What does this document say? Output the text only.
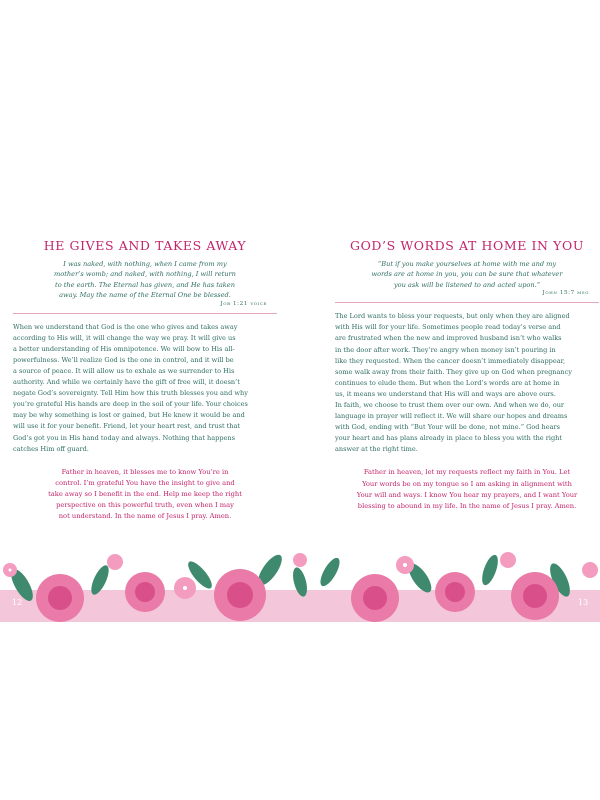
HE GIVES AND TAKES AWAY
I was naked, with nothing, when I came from my
mother’s womb; and naked, with nothing, I will return
to the earth. The Eternal has given, and He has taken
away. May the name of the Eternal One be blessed.
Job 1:21 voice
When we understand that God is the one who gives and takes away
according to His will, it will change the way we pray. It will give us
a better understanding of His omnipotence. We will bow to His all-
powerfulness. We’ll realize God is the one in control, and it will be
a source of peace. It will allow us to exhale as we surrender to His
authority. And while we certainly have the gift of free will, it doesn’t
negate God’s sovereignty. Tell Him how this truth blesses you and why
you’re grateful His hands are deep in the soil of your life. Your choices
may be why something is lost or gained, but He knew it would be and
will use it for your benefit. Friend, let your heart rest, and trust that
God’s got you in His hand today and always. Nothing that happens
catches Him off guard.
Father in heaven, it blesses me to know You’re in
control. I’m grateful You have the insight to give and
take away so I benefit in the end. Help me keep the right
perspective on this powerful truth, even when I may
not understand. In the name of Jesus I pray. Amen.
GOD’S WORDS AT HOME IN YOU
“But if you make yourselves at home with me and my
words are at home in you, you can be sure that whatever
you ask will be listened to and acted upon.”
John 15:7 msg
The Lord wants to bless your requests, but only when they are aligned
with His will for your life. Sometimes people read today’s verse and
are frustrated when the new and improved husband isn’t who walks
in the door after work. They’re angry when money isn’t pouring in
like they requested. When the cancer doesn’t immediately disappear,
some walk away from their faith. They give up on God when pregnancy
continues to elude them. But when the Lord’s words are at home in
us, it means we understand that His will and ways are above ours.
In faith, we choose to trust them over our own. And when we do, our
language in prayer will reflect it. We will share our hopes and dreams
with God, ending with “But Your will be done, not mine.” God hears
your heart and has plans already in place to bless you with the right
answer at the right time.
Father in heaven, let my requests reflect my faith in You. Let
Your words be on my tongue so I am asking in alignment with
Your will and ways. I know You hear my prayers, and I want Your
blessing to abound in my life. In the name of Jesus I pray. Amen.
12	13
